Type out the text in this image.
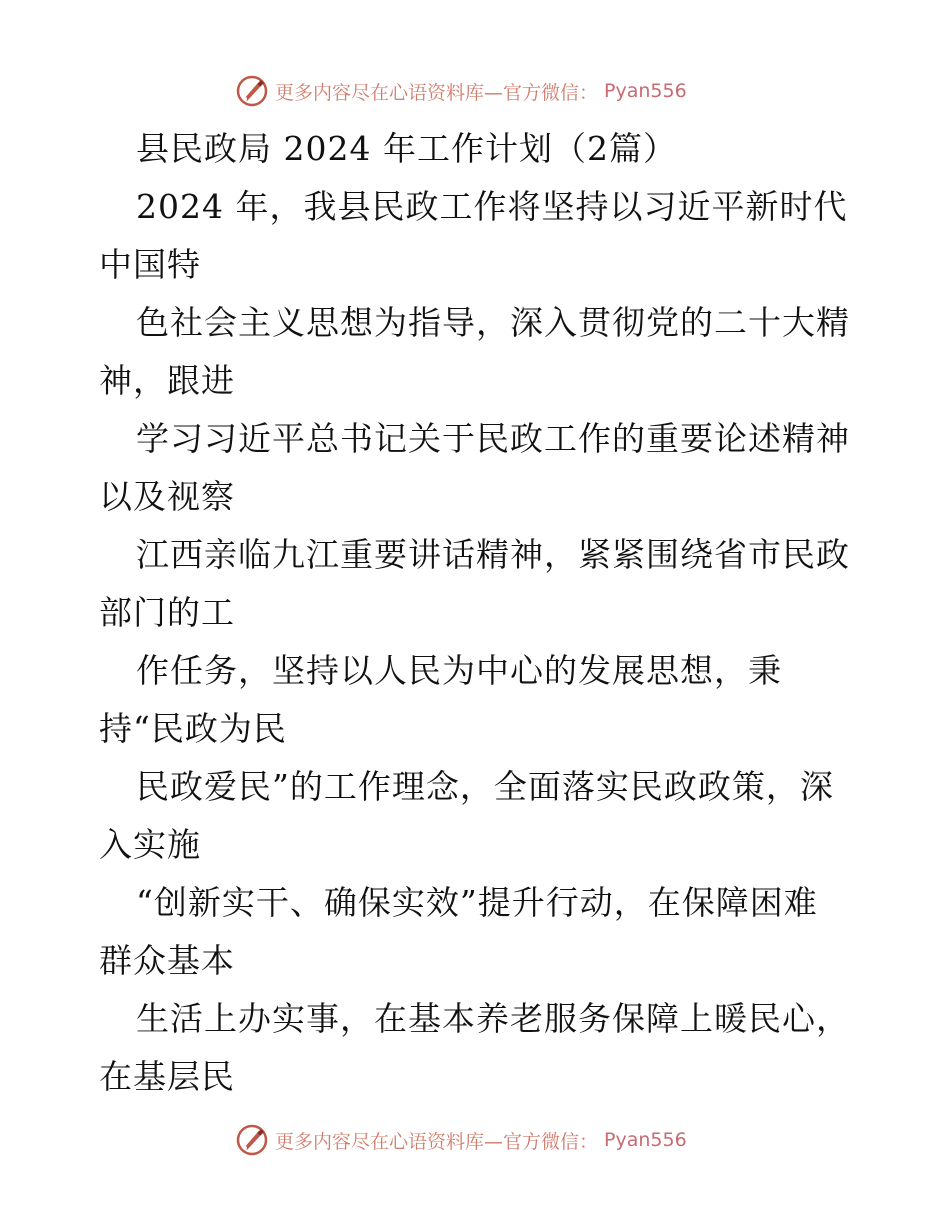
更多内容尽在心语资料库—官方微信： Pyan556
县民政局 2024 年工作计划（2篇）
2024 年，我县民政工作将坚持以习近平新时代
中国特
色社会主义思想为指导，深入贯彻党的二十大精
神，跟进
学习习近平总书记关于民政工作的重要论述精神
以及视察
江西亲临九江重要讲话精神，紧紧围绕省市民政
部门的工
作任务，坚持以人民为中心的发展思想，秉
持“民政为民
民政爱民”的工作理念，全面落实民政政策，深
入实施
“创新实干、确保实效”提升行动，在保障困难
群众基本
生活上办实事，在基本养老服务保障上暖民心，
在基层民
更多内容尽在心语资料库—官方微信： Pyan556
